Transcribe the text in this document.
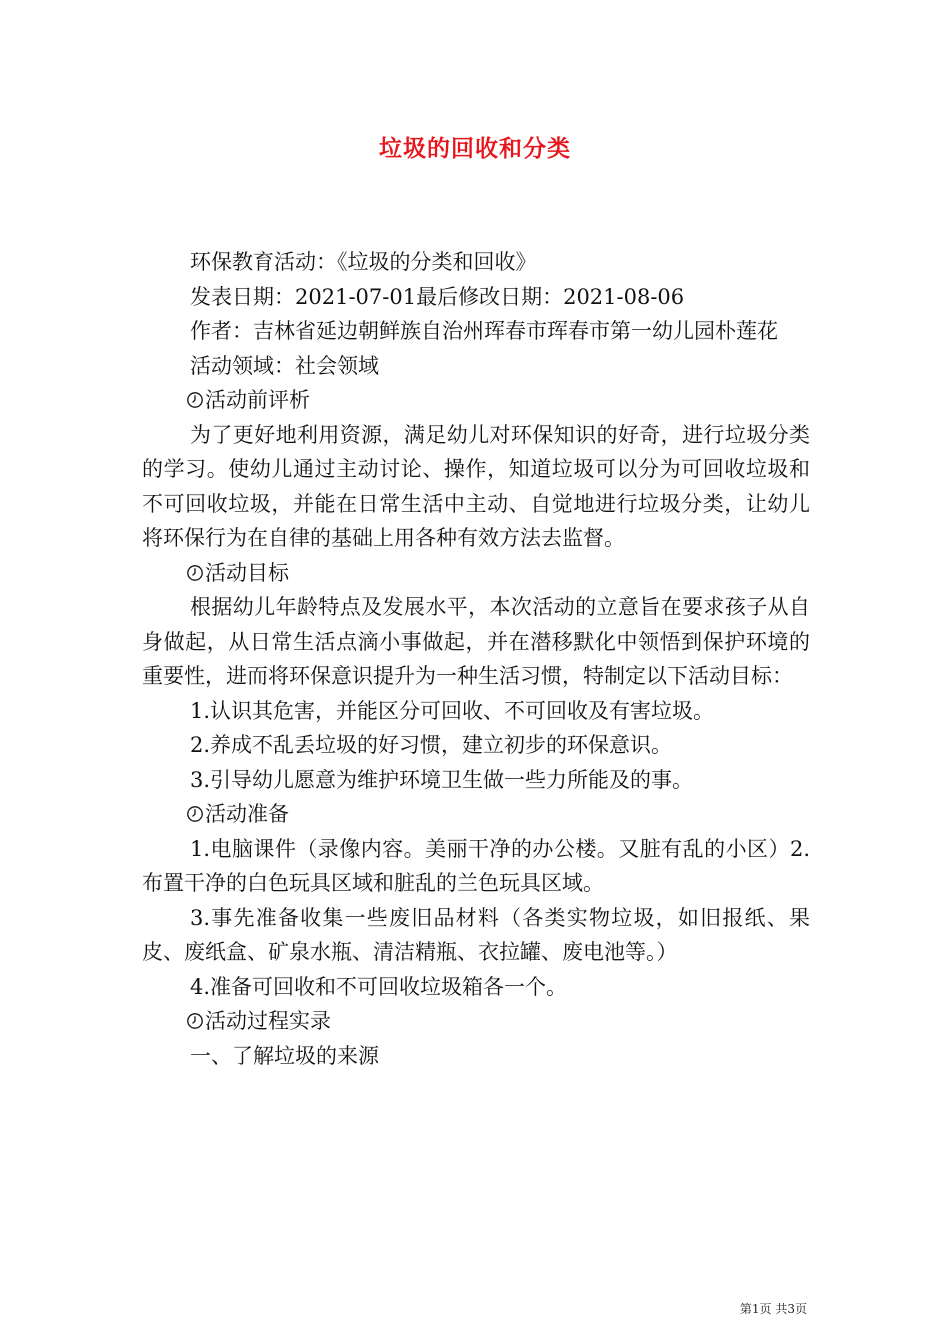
垃圾的回收和分类

环保教育活动：《垃圾的分类和回收》

发表日期：2021-07-01最后修改日期：2021-08-06

作者：吉林省延边朝鲜族自治州珲春市珲春市第一幼儿园朴莲花

活动领域：社会领域

活动前评析

为了更好地利用资源，满足幼儿对环保知识的好奇，进行垃圾分类的学习。使幼儿通过主动讨论、操作，知道垃圾可以分为可回收垃圾和不可回收垃圾，并能在日常生活中主动、自觉地进行垃圾分类，让幼儿将环保行为在自律的基础上用各种有效方法去监督。

活动目标

根据幼儿年龄特点及发展水平，本次活动的立意旨在要求孩子从自身做起，从日常生活点滴小事做起，并在潜移默化中领悟到保护环境的重要性，进而将环保意识提升为一种生活习惯，特制定以下活动目标：

1.认识其危害，并能区分可回收、不可回收及有害垃圾。

2.养成不乱丢垃圾的好习惯，建立初步的环保意识。

3.引导幼儿愿意为维护环境卫生做一些力所能及的事。

活动准备

1.电脑课件（录像内容。美丽干净的办公楼。又脏有乱的小区）2.布置干净的白色玩具区域和脏乱的兰色玩具区域。

3.事先准备收集一些废旧品材料（各类实物垃圾，如旧报纸、果皮、废纸盒、矿泉水瓶、清洁精瓶、衣拉罐、废电池等。）

4.准备可回收和不可回收垃圾箱各一个。

活动过程实录

一、了解垃圾的来源

第1页 共3页
